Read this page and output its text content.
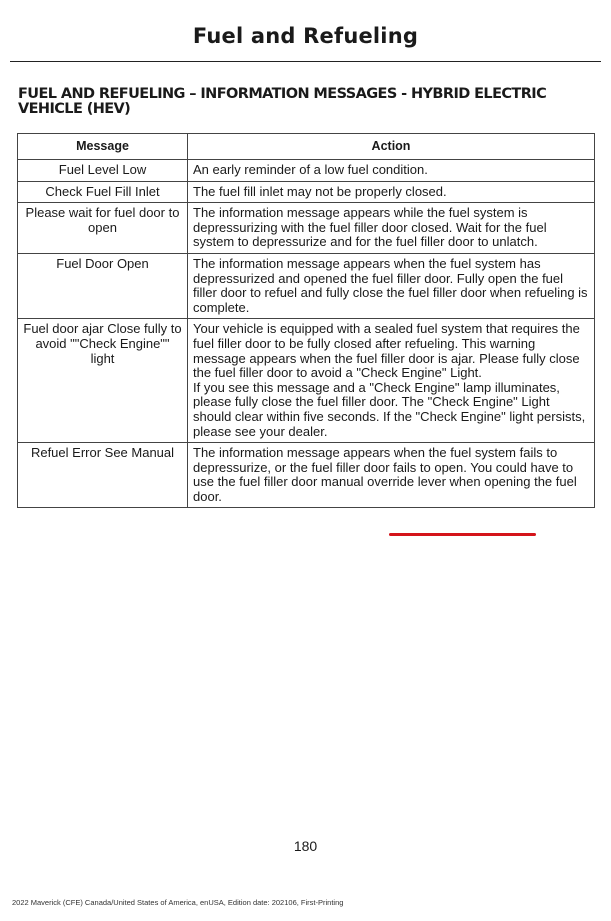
Fuel and Refueling
FUEL AND REFUELING – INFORMATION MESSAGES - HYBRID ELECTRIC VEHICLE (HEV)
Message	Action
Fuel Level Low	An early reminder of a low fuel condition.
Check Fuel Fill Inlet	The fuel fill inlet may not be properly closed.
Please wait for fuel door to open	The information message appears while the fuel system is depressurizing with the fuel filler door closed. Wait for the fuel system to depressurize and for the fuel filler door to unlatch.
Fuel Door Open	The information message appears when the fuel system has depressurized and opened the fuel filler door. Fully open the fuel filler door to refuel and fully close the fuel filler door when refueling is complete.
Fuel door ajar Close fully to avoid ""Check Engine"" light	Your vehicle is equipped with a sealed fuel system that requires the fuel filler door to be fully closed after refueling. This warning message appears when the fuel filler door is ajar. Please fully close the fuel filler door to avoid a "Check Engine" Light.
If you see this message and a "Check Engine" lamp illuminates, please fully close the fuel filler door. The "Check Engine" Light should clear within five seconds. If the "Check Engine" light persists, please see your dealer.

Refuel Error See Manual	The information message appears when the fuel system fails to depressurize, or the fuel filler door fails to open. You could have to use the fuel filler door manual override lever when opening the fuel door.
180
2022 Maverick (CFE) Canada/United States of America, enUSA, Edition date: 202106, First-Printing
